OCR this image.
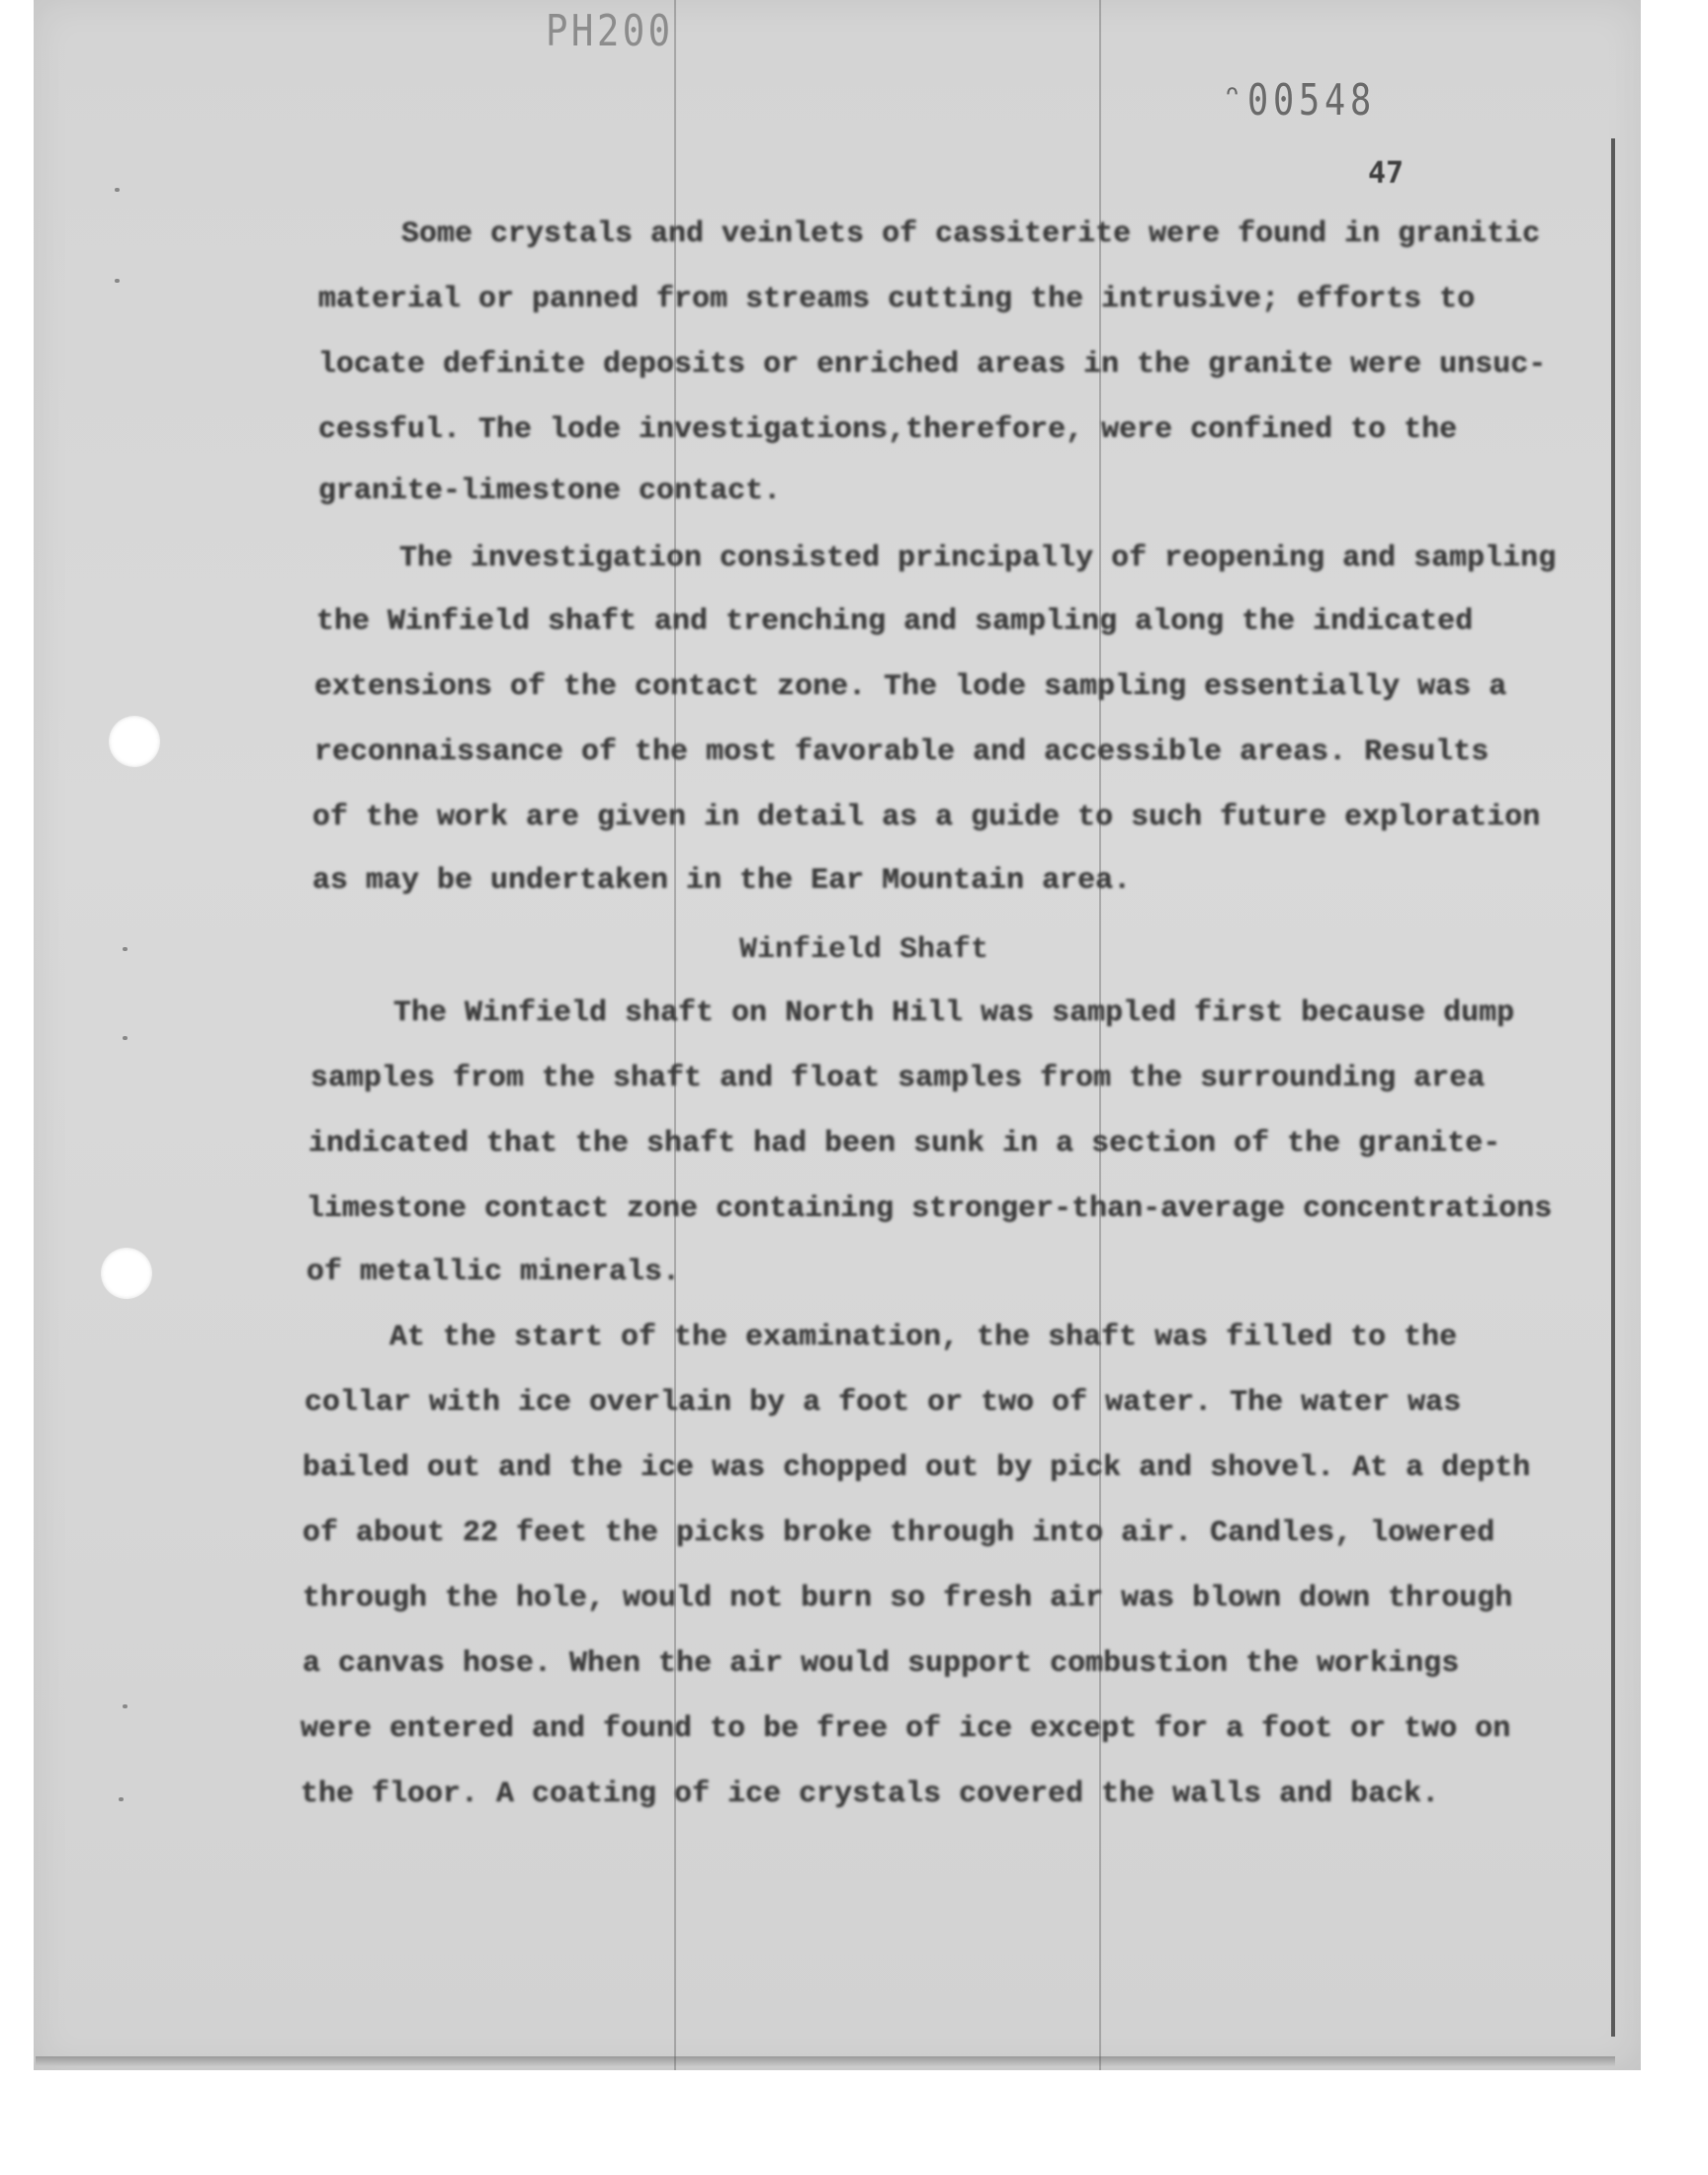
PH200
ᵔ00548
47
Some crystals and veinlets of cassiterite were found in granitic
material or panned from streams cutting the intrusive; efforts to
locate definite deposits or enriched areas in the granite were unsuc-
cessful. The lode investigations,therefore, were confined to the
granite-limestone contact.
The investigation consisted principally of reopening and sampling
the Winfield shaft and trenching and sampling along the indicated
extensions of the contact zone. The lode sampling essentially was a
reconnaissance of the most favorable and accessible areas. Results
of the work are given in detail as a guide to such future exploration
as may be undertaken in the Ear Mountain area.
Winfield Shaft
The Winfield shaft on North Hill was sampled first because dump
samples from the shaft and float samples from the surrounding area
indicated that the shaft had been sunk in a section of the granite-
limestone contact zone containing stronger-than-average concentrations
of metallic minerals.
At the start of the examination, the shaft was filled to the
collar with ice overlain by a foot or two of water. The water was
bailed out and the ice was chopped out by pick and shovel. At a depth
of about 22 feet the picks broke through into air. Candles, lowered
through the hole, would not burn so fresh air was blown down through
a canvas hose. When the air would support combustion the workings
were entered and found to be free of ice except for a foot or two on
the floor. A coating of ice crystals covered the walls and back.
